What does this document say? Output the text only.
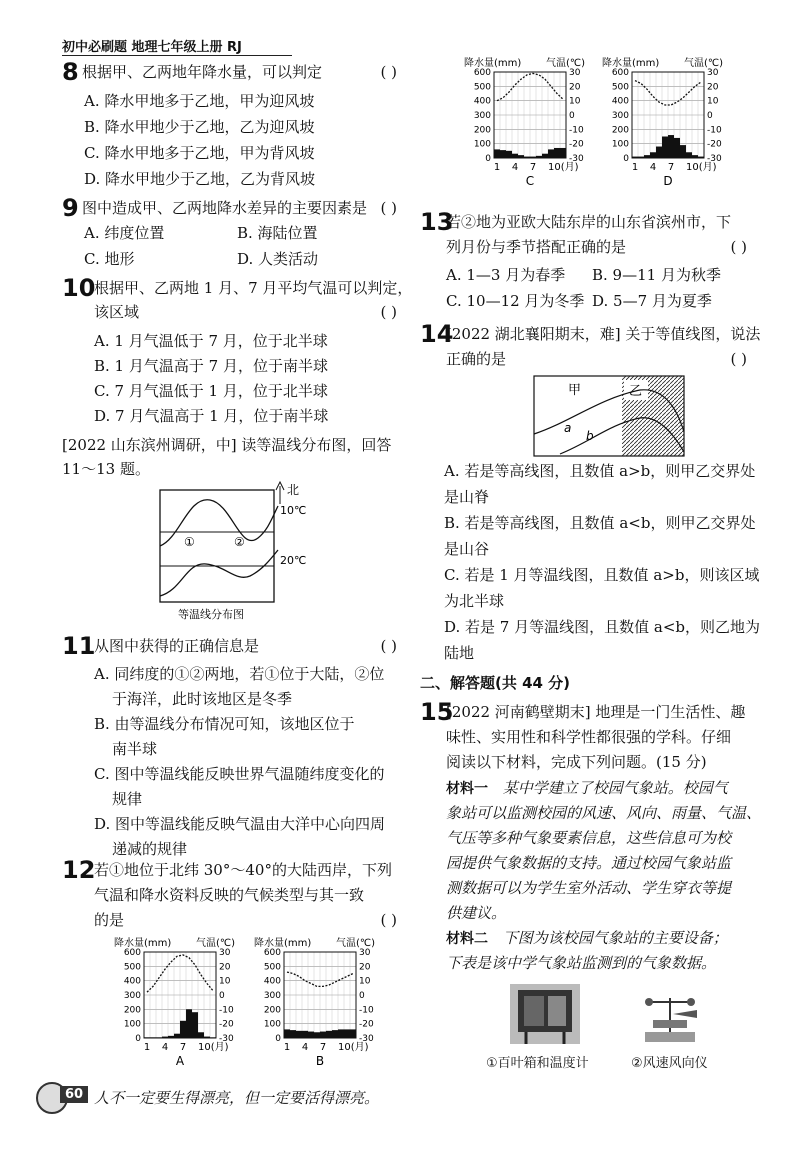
初中必刷题 地理七年级上册 RJ
8 根据甲、乙两地年降水量，可以判定	( )
A. 降水甲地多于乙地，甲为迎风坡
B. 降水甲地少于乙地，乙为迎风坡
C. 降水甲地多于乙地，甲为背风坡
D. 降水甲地少于乙地，乙为背风坡
9 图中造成甲、乙两地降水差异的主要因素是 ( )
A. 纬度位置	B. 海陆位置
C. 地形	D. 人类活动
10
根据甲、乙两地 1 月、7 月平均气温可以判定，
该区域	( )
A. 1 月气温低于 7 月，位于北半球
B. 1 月气温高于 7 月，位于南半球
C. 7 月气温低于 1 月，位于北半球
D. 7 月气温高于 1 月，位于南半球
[2022 山东滨州调研，中] 读等温线分布图，回答
11～13 题。
北
10℃
20℃
①	②
等温线分布图
11
从图中获得的正确信息是	( )
A. 同纬度的①②两地，若①位于大陆，②位
于海洋，此时该地区是冬季
B. 由等温线分布情况可知，该地区位于
南半球
C. 图中等温线能反映世界气温随纬度变化的
规律
D. 图中等温线能反映气温由大洋中心向四周
递减的规律
12
若①地位于北纬 30°～40°的大陆西岸，下列
气温和降水资料反映的气候类型与其一致
的是	( )
降水量(mm) 气温(℃)
600	30
500	20
400	10
300	0
200	-10
100	-20
0	-30
1 4 7 10(月)
A
降水量(mm) 气温(℃)
600	30
500	20
400	10
300	0
200	-10
100	-20
0	-30
1 4 7 10(月)
B
降水量(mm) 气温(℃)
600	30
500	20
400	10
300	0
200	-10
100	-20
0	-30
1 4 7 10(月)
C
降水量(mm) 气温(℃)
600	30
500	20
400	10
300	0
200	-10
100	-20
0	-30
1 4 7 10(月)
D
13
若②地为亚欧大陆东岸的山东省滨州市，下
列月份与季节搭配正确的是	( )
A. 1—3 月为春季 B. 9—11 月为秋季
C. 10—12 月为冬季 D. 5—7 月为夏季
14
[2022 湖北襄阳期末，难] 关于等值线图，说法
正确的是	( )
甲	乙
a
b
A. 若是等高线图，且数值 a>b，则甲乙交界处
是山脊
B. 若是等高线图，且数值 a<b，则甲乙交界处
是山谷
C. 若是 1 月等温线图，且数值 a>b，则该区域
为北半球
D. 若是 7 月等温线图，且数值 a<b，则乙地为
陆地
二、解答题(共 44 分)
15
[2022 河南鹤壁期末] 地理是一门生活性、趣
味性、实用性和科学性都很强的学科。仔细
阅读以下材料，完成下列问题。(15 分)
材料一 某中学建立了校园气象站。校园气
象站可以监测校园的风速、风向、雨量、气温、
气压等多种气象要素信息，这些信息可为校
园提供气象数据的支持。通过校园气象站监
测数据可以为学生室外活动、学生穿衣等提
供建议。
材料二 下图为该校园气象站的主要设备；
下表是该中学气象站监测到的气象数据。
①百叶箱和温度计	②风速风向仪
60 人不一定要生得漂亮，但一定要活得漂亮。
